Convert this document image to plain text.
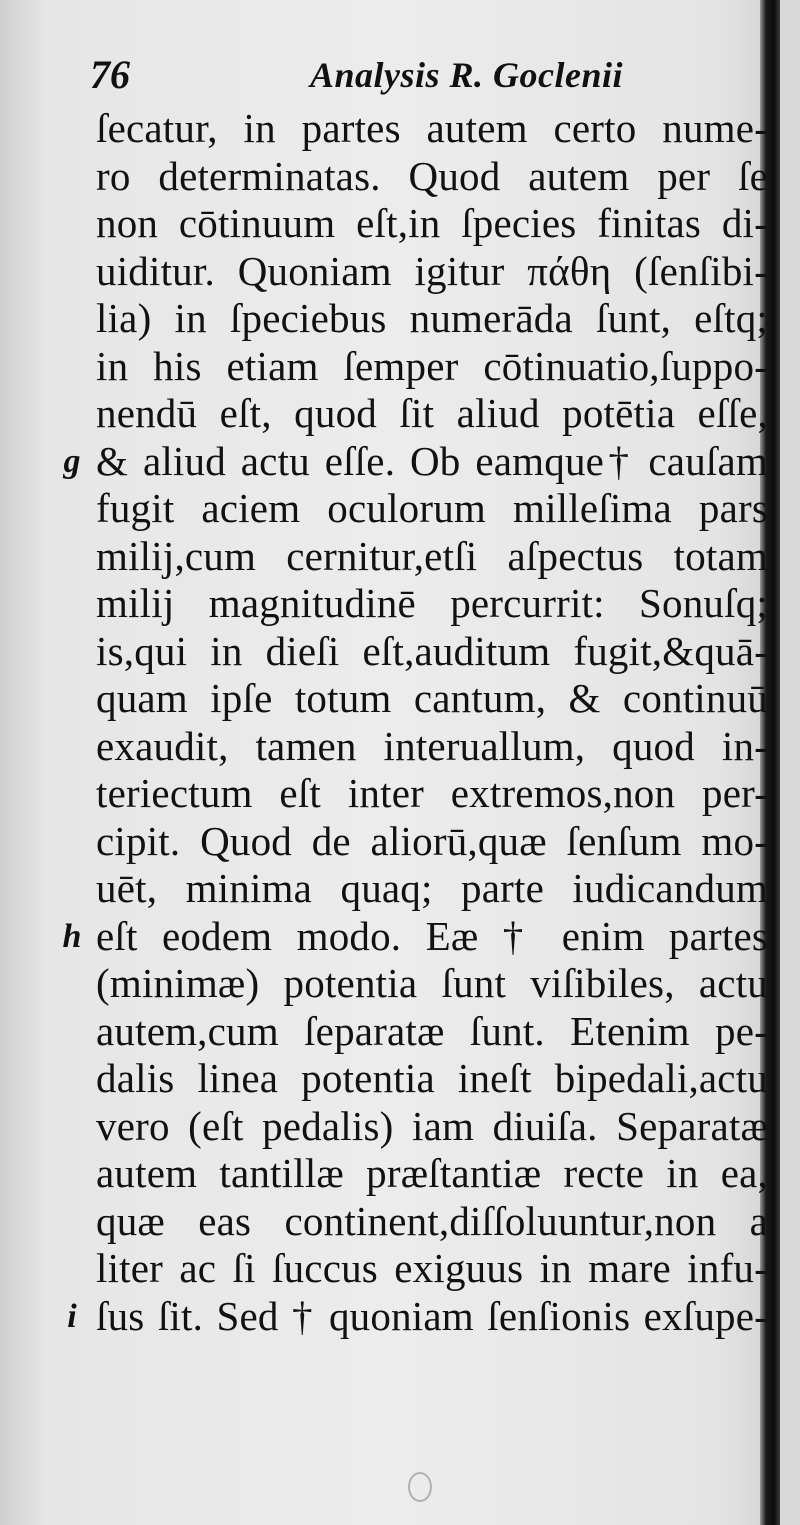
76	Analysis R. Goclenii
g
h
i
ſecatur, in partes autem certo nume-
ro determinatas. Quod autem per ſe
non cōtinuum eſt,in ſpecies finitas di-
uiditur. Quoniam igitur πάθη (ſenſibi-
lia) in ſpeciebus numerāda ſunt, eſtq;
in his etiam ſemper cōtinuatio,ſuppo-
nendū eſt, quod ſit aliud potētia eſſe,
& aliud actu eſſe. Ob eamque† cauſam
fugit aciem oculorum milleſima pars
milij,cum cernitur,etſi aſpectus totam
milij magnitudinē percurrit: Sonuſq;
is,qui in dieſi eſt,auditum fugit,&quā-
quam ipſe totum cantum, & continuū
exaudit, tamen interuallum, quod in-
teriectum eſt inter extremos,non per-
cipit. Quod de aliorū,quæ ſenſum mo-
uēt, minima quaq; parte iudicandum
eſt eodem modo. Eæ † enim partes
(minimæ) potentia ſunt viſibiles, actu
autem,cum ſeparatæ ſunt. Etenim pe-
dalis linea potentia ineſt bipedali,actu
vero (eſt pedalis) iam diuiſa. Separatæ
autem tantillæ præſtantiæ recte in ea,
quæ eas continent,diſſoluuntur,non a
liter ac ſi ſuccus exiguus in mare infu-
ſus ſit. Sed † quoniam ſenſionis exſupe-
